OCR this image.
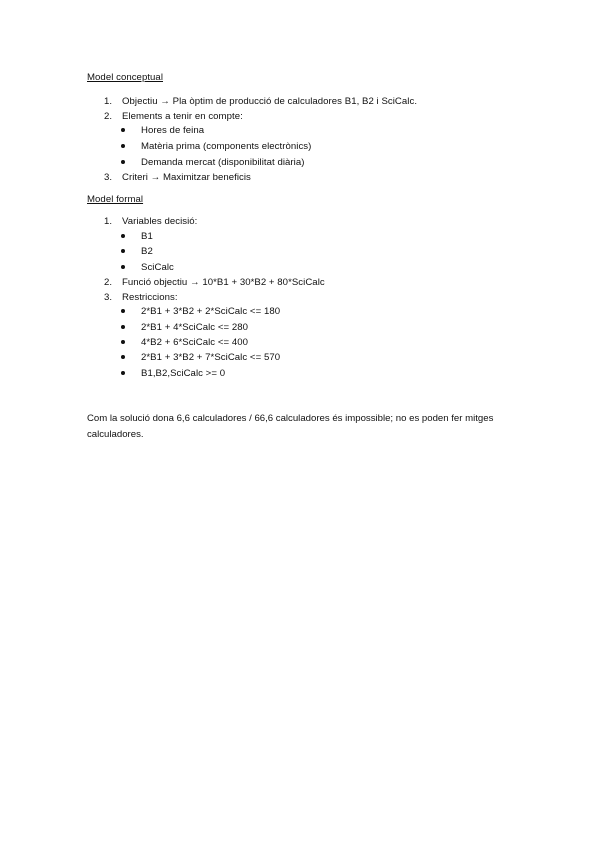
Model conceptual
1. Objectiu → Pla òptim de producció de calculadores B1, B2 i SciCalc.
2. Elements a tenir en compte:
Hores de feina
Matèria prima (components electrònics)
Demanda mercat (disponibilitat diària)
3. Criteri → Maximitzar beneficis
Model formal
1. Variables decisió:
B1
B2
SciCalc
2. Funció objectiu → 10*B1 + 30*B2 + 80*SciCalc
3. Restriccions:
2*B1 + 3*B2 + 2*SciCalc <= 180
2*B1 + 4*SciCalc <= 280
4*B2 + 6*SciCalc <= 400
2*B1 + 3*B2 + 7*SciCalc <= 570
B1,B2,SciCalc >= 0
Com la solució dona 6,6 calculadores / 66,6 calculadores és impossible; no es poden fer mitges calculadores.
